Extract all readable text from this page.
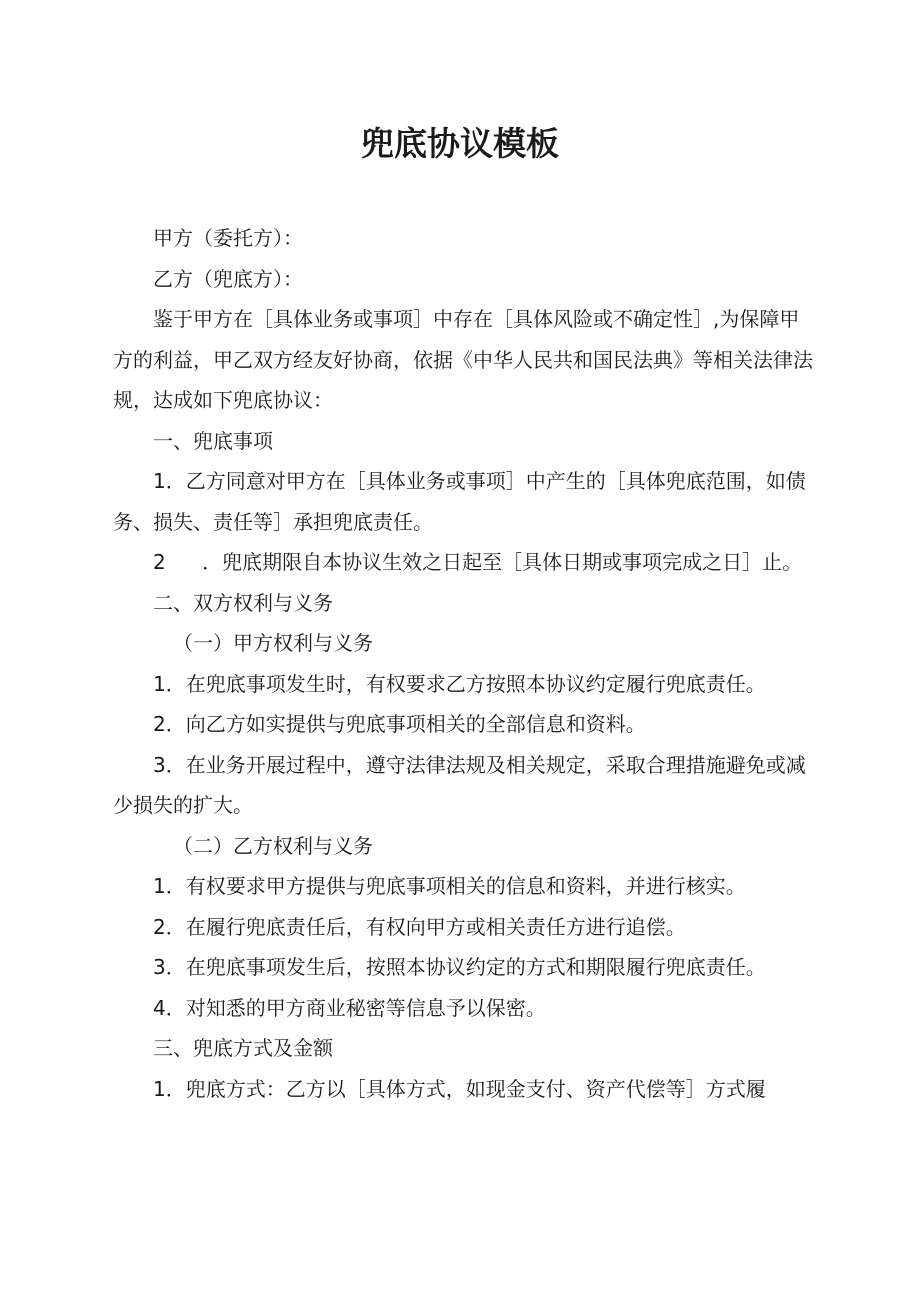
兜底协议模板

甲方（委托方）：

乙方（兜底方）：

鉴于甲方在［具体业务或事项］中存在［具体风险或不确定性］,为保障甲方的利益，甲乙双方经友好协商，依据《中华人民共和国民法典》等相关法律法规，达成如下兜底协议：

一、兜底事项

1．乙方同意对甲方在［具体业务或事项］中产生的［具体兜底范围，如债务、损失、责任等］承担兜底责任。

2 ．兜底期限自本协议生效之日起至［具体日期或事项完成之日］止。

二、双方权利与义务

（一）甲方权利与义务

1．在兜底事项发生时，有权要求乙方按照本协议约定履行兜底责任。

2．向乙方如实提供与兜底事项相关的全部信息和资料。

3．在业务开展过程中，遵守法律法规及相关规定，采取合理措施避免或减少损失的扩大。

（二）乙方权利与义务

1．有权要求甲方提供与兜底事项相关的信息和资料，并进行核实。

2．在履行兜底责任后，有权向甲方或相关责任方进行追偿。

3．在兜底事项发生后，按照本协议约定的方式和期限履行兜底责任。

4．对知悉的甲方商业秘密等信息予以保密。

三、兜底方式及金额

1．兜底方式：乙方以［具体方式，如现金支付、资产代偿等］方式履
